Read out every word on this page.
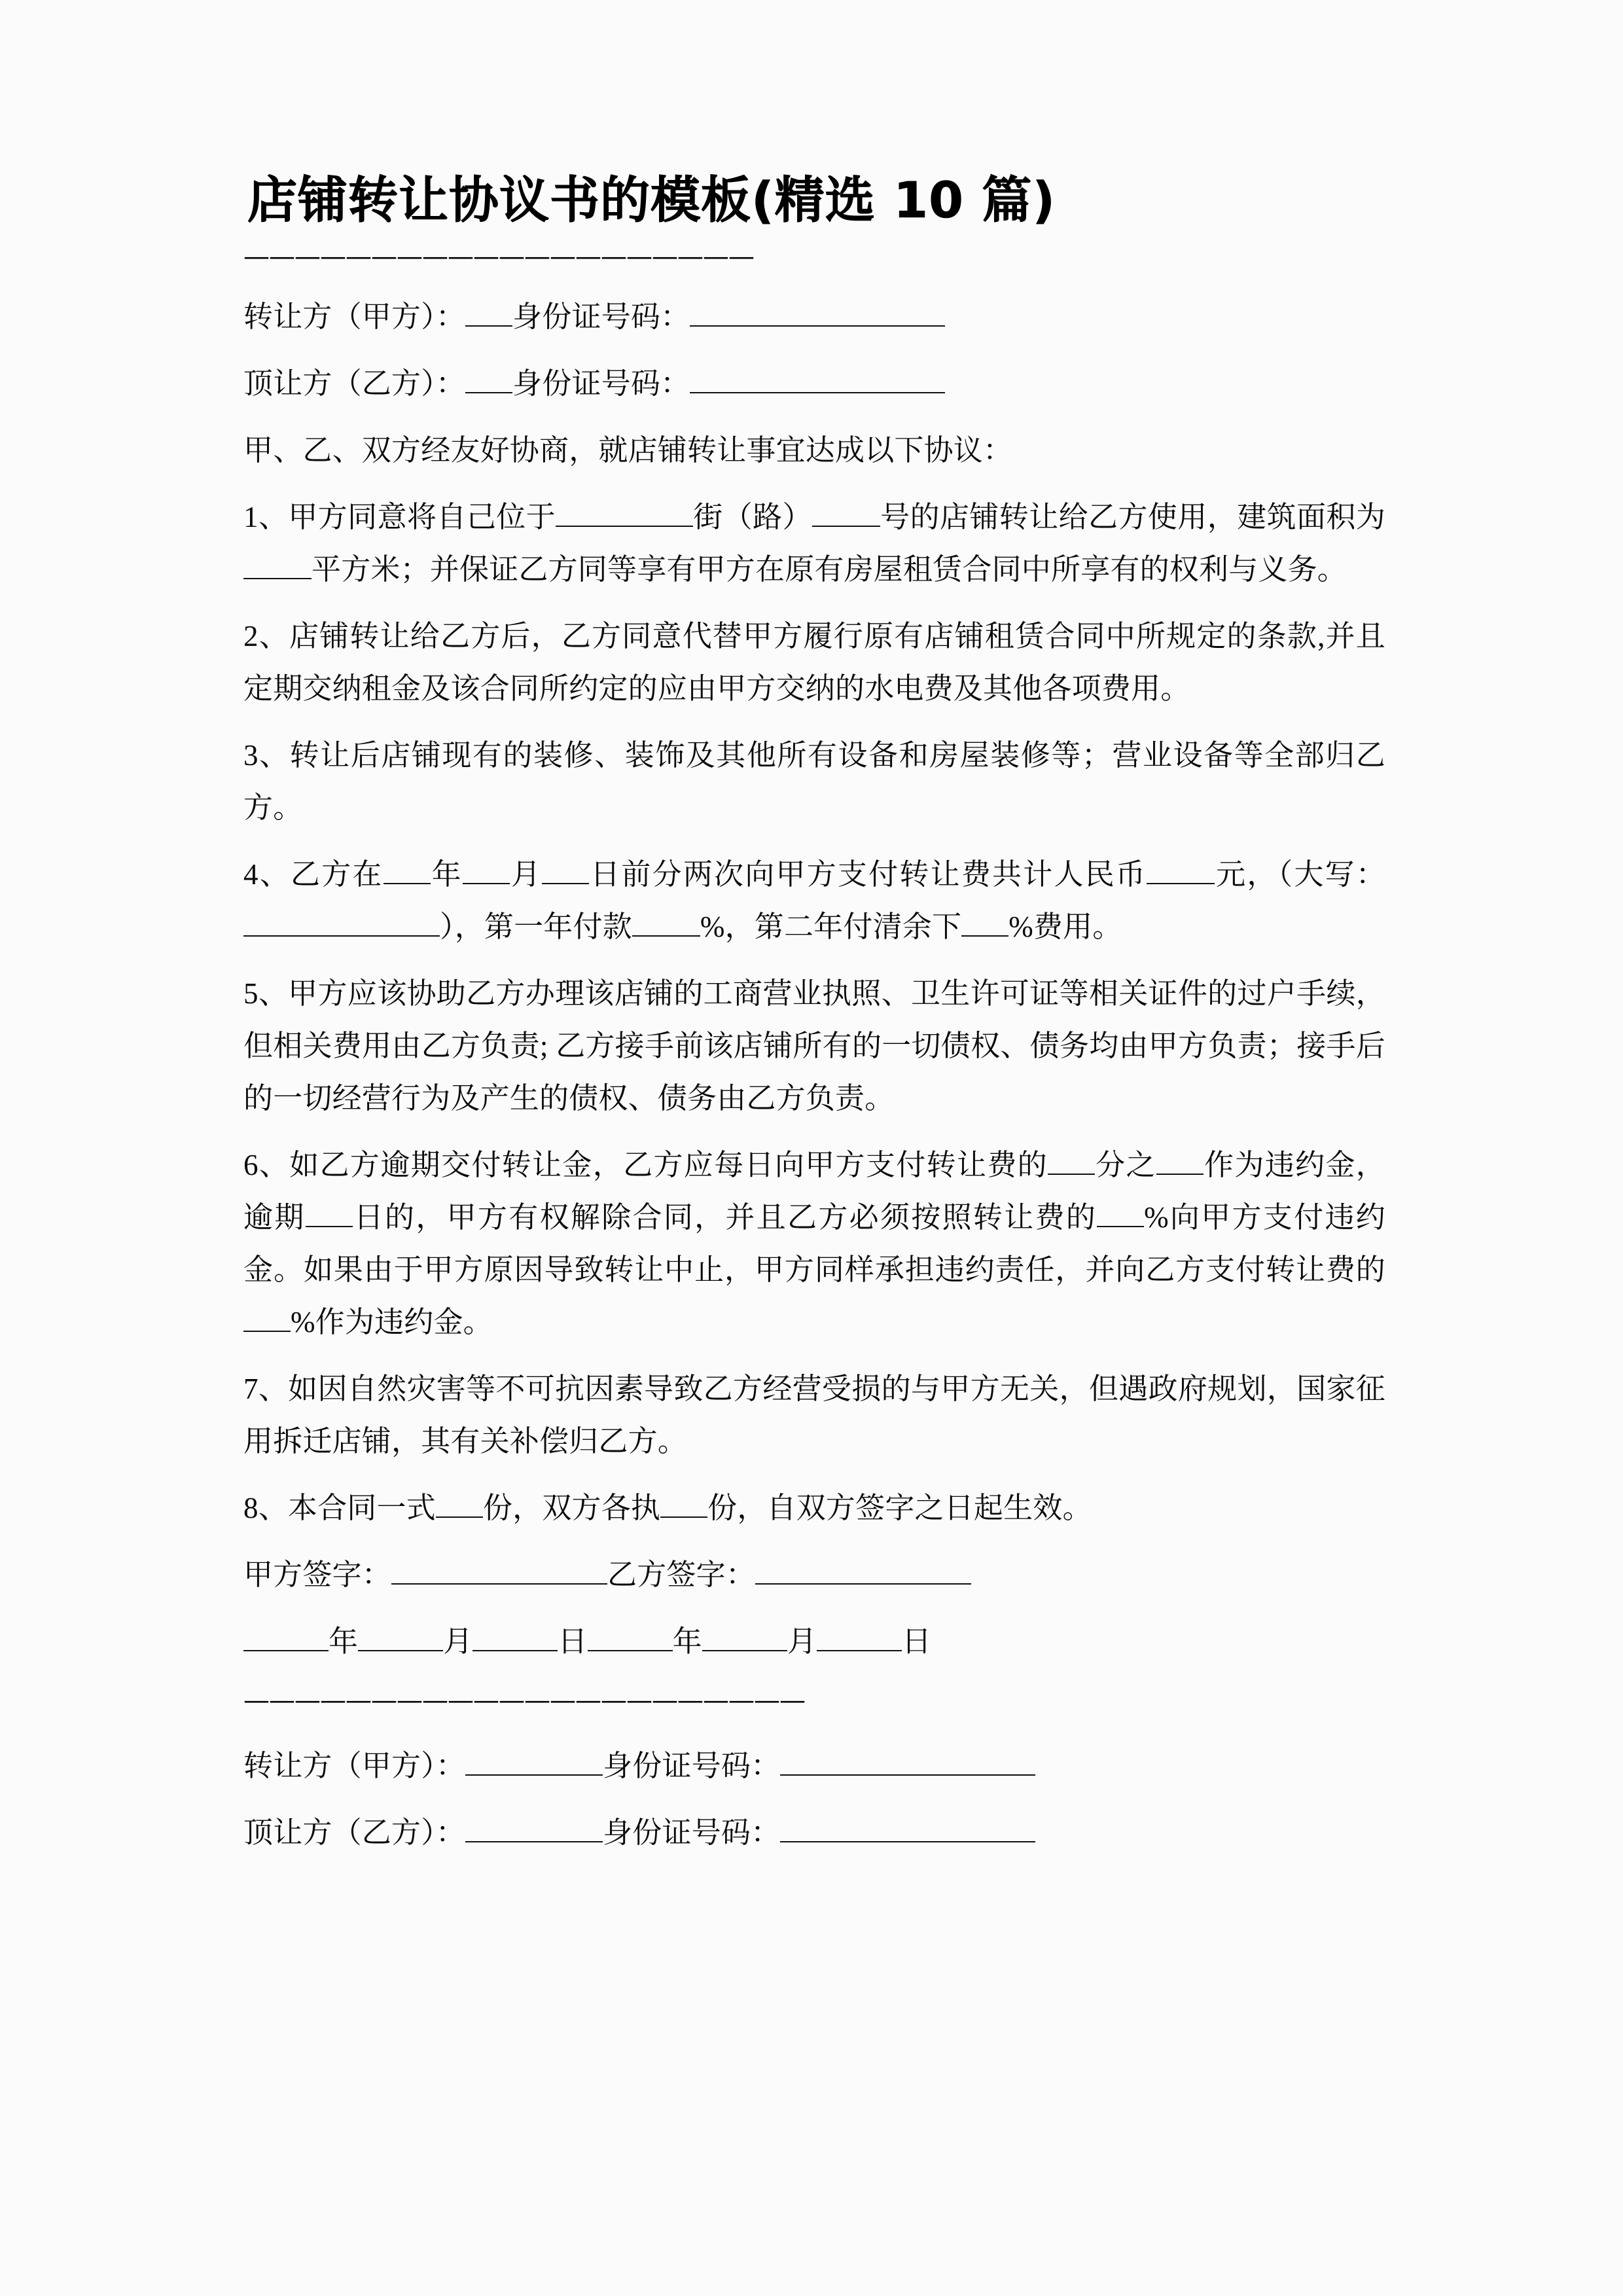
店铺转让协议书的模板(精选 10 篇)
————————————————————
转让方（甲方）： 身份证号码：
顶让方（乙方）： 身份证号码：

甲、乙、双方经友好协商，就店铺转让事宜达成以下协议：

1、甲方同意将自己位于	街（路） 号的店铺转让给乙方使用，建筑面积为平方米；并保证乙方同等享有甲方在原有房屋租赁合同中所享有的权利与义务。

2、店铺转让给乙方后，乙方同意代替甲方履行原有店铺租赁合同中所规定的条款,并且定期交纳租金及该合同所约定的应由甲方交纳的水电费及其他各项费用。

3、转让后店铺现有的装修、装饰及其他所有设备和房屋装修等；营业设备等全部归乙方。

4、乙方在 年 月 日前分两次向甲方支付转让费共计人民币 元，（大写：），第一年付款 %，第二年付清余下 %费用。

5、甲方应该协助乙方办理该店铺的工商营业执照、卫生许可证等相关证件的过户手续，但相关费用由乙方负责; 乙方接手前该店铺所有的一切债权、债务均由甲方负责；接手后的一切经营行为及产生的债权、债务由乙方负责。

6、如乙方逾期交付转让金，乙方应每日向甲方支付转让费的 分之 作为违约金，逾期 日的，甲方有权解除合同，并且乙方必须按照转让费的 %向甲方支付违约金。如果由于甲方原因导致转让中止，甲方同样承担违约责任，并向乙方支付转让费的%作为违约金。

7、如因自然灾害等不可抗因素导致乙方经营受损的与甲方无关，但遇政府规划，国家征用拆迁店铺，其有关补偿归乙方。

8、本合同一式 份，双方各执 份，自双方签字之日起生效。

甲方签字：	乙方签字：
年	月	日	年	月	日
——————————————————————
转让方（甲方）：	身份证号码：
顶让方（乙方）：	身份证号码：
